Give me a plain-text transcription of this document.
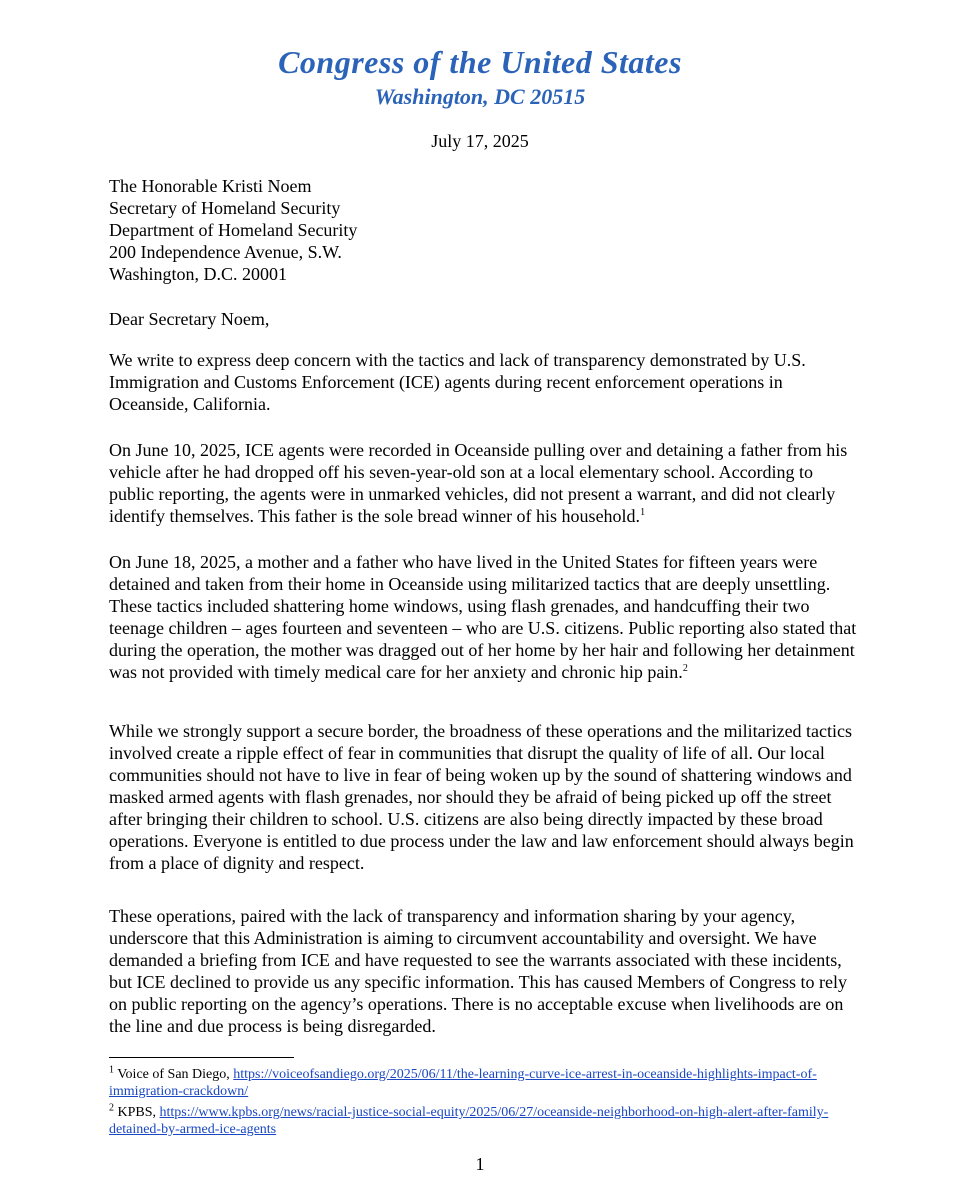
Congress of the United States
Washington, DC 20515
July 17, 2025
The Honorable Kristi Noem
Secretary of Homeland Security
Department of Homeland Security
200 Independence Avenue, S.W.
Washington, D.C. 20001
Dear Secretary Noem,
We write to express deep concern with the tactics and lack of transparency demonstrated by U.S. Immigration and Customs Enforcement (ICE) agents during recent enforcement operations in Oceanside, California.
On June 10, 2025, ICE agents were recorded in Oceanside pulling over and detaining a father from his vehicle after he had dropped off his seven-year-old son at a local elementary school. According to public reporting, the agents were in unmarked vehicles, did not present a warrant, and did not clearly identify themselves. This father is the sole bread winner of his household.$^1$
On June 18, 2025, a mother and a father who have lived in the United States for fifteen years were detained and taken from their home in Oceanside using militarized tactics that are deeply unsettling. These tactics included shattering home windows, using flash grenades, and handcuffing their two teenage children – ages fourteen and seventeen – who are U.S. citizens. Public reporting also stated that during the operation, the mother was dragged out of her home by her hair and following her detainment was not provided with timely medical care for her anxiety and chronic hip pain.$^2$
While we strongly support a secure border, the broadness of these operations and the militarized tactics involved create a ripple effect of fear in communities that disrupt the quality of life of all. Our local communities should not have to live in fear of being woken up by the sound of shattering windows and masked armed agents with flash grenades, nor should they be afraid of being picked up off the street after bringing their children to school. U.S. citizens are also being directly impacted by these broad operations. Everyone is entitled to due process under the law and law enforcement should always begin from a place of dignity and respect.
These operations, paired with the lack of transparency and information sharing by your agency, underscore that this Administration is aiming to circumvent accountability and oversight. We have demanded a briefing from ICE and have requested to see the warrants associated with these incidents, but ICE declined to provide us any specific information. This has caused Members of Congress to rely on public reporting on the agency’s operations. There is no acceptable excuse when livelihoods are on the line and due process is being disregarded.
$^1$ Voice of San Diego, https://voiceofsandiego.org/2025/06/11/the-learning-curve-ice-arrest-in-oceanside-highlights-impact-of-immigration-crackdown/
$^2$ KPBS, https://www.kpbs.org/news/racial-justice-social-equity/2025/06/27/oceanside-neighborhood-on-high-alert-after-family-detained-by-armed-ice-agents
1
